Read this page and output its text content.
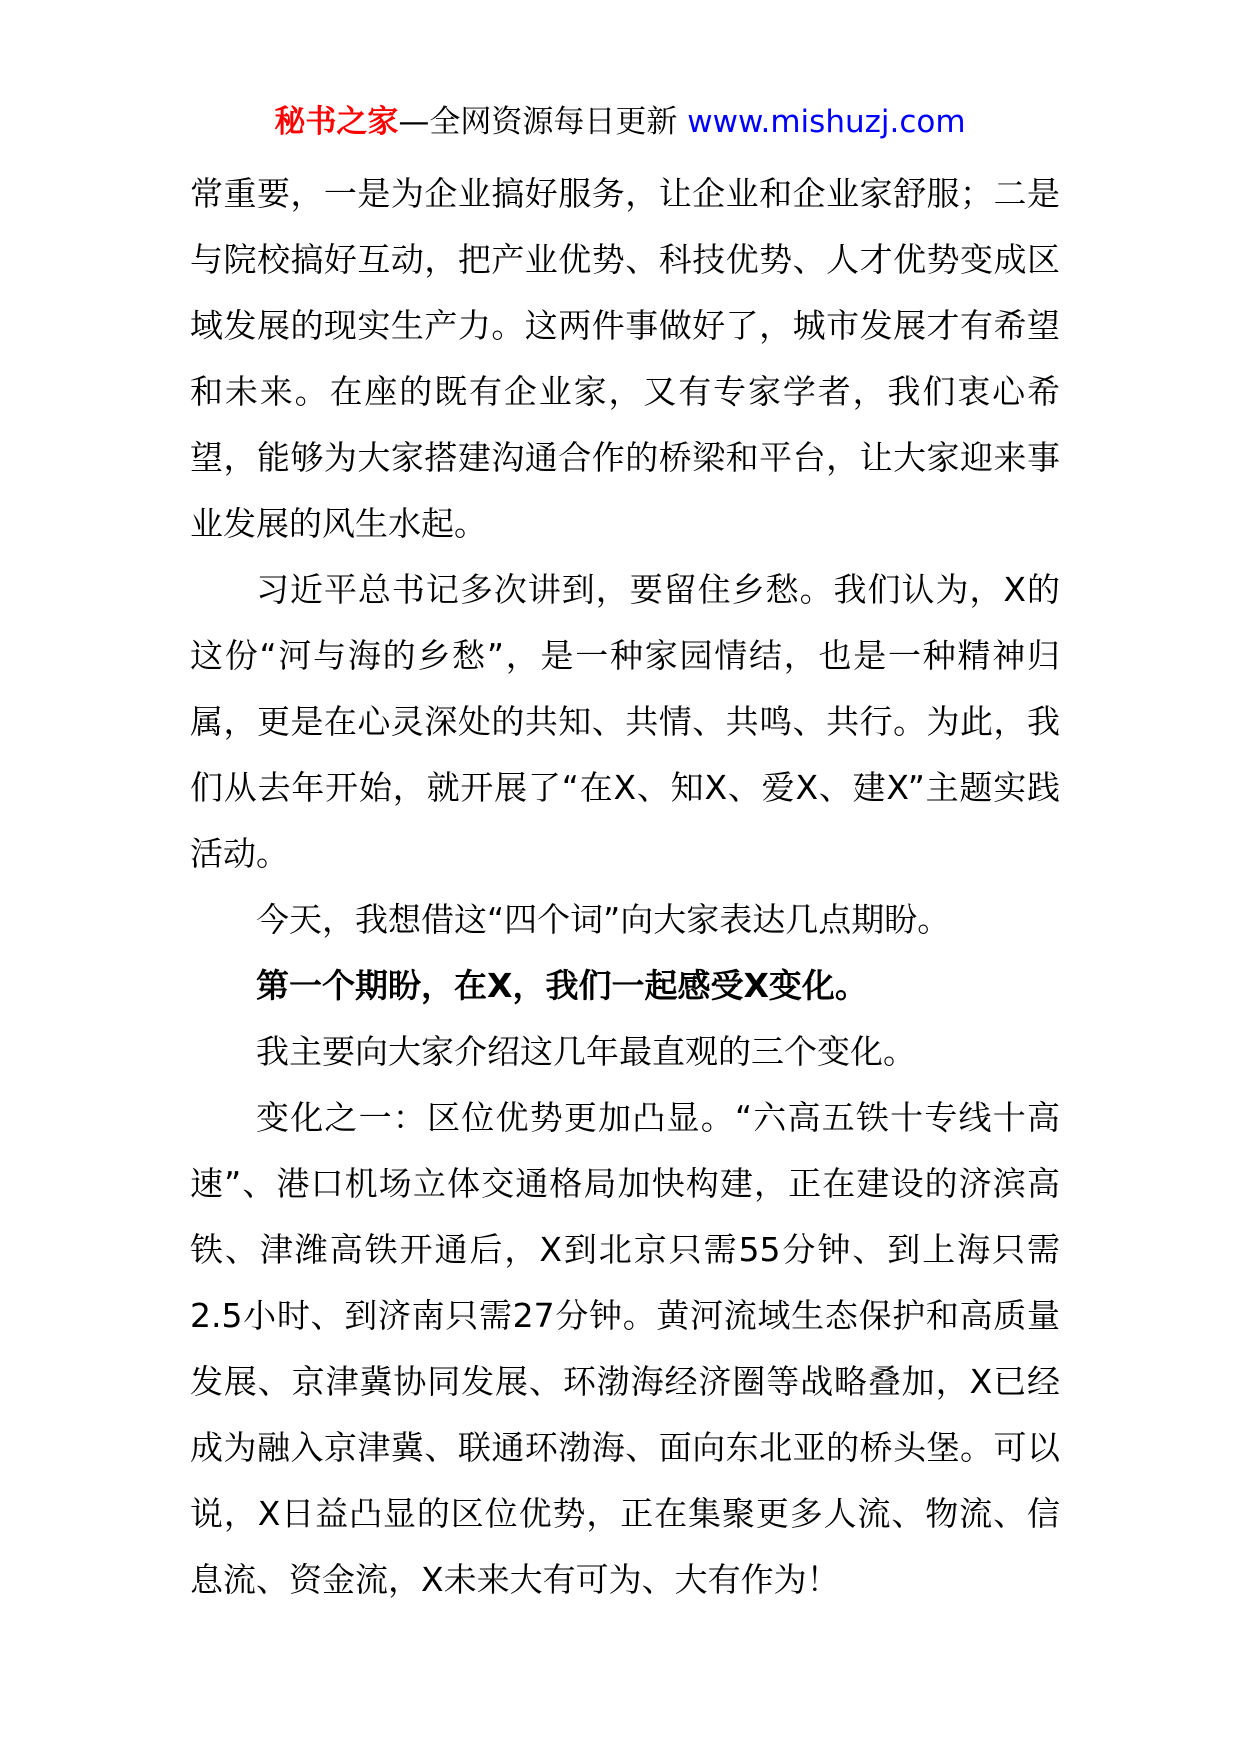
秘书之家—全网资源每日更新 www.mishuzj.com

常重要，一是为企业搞好服务，让企业和企业家舒服；二是与院校搞好互动，把产业优势、科技优势、人才优势变成区域发展的现实生产力。这两件事做好了，城市发展才有希望和未来。在座的既有企业家，又有专家学者，我们衷心希望，能够为大家搭建沟通合作的桥梁和平台，让大家迎来事业发展的风生水起。

习近平总书记多次讲到，要留住乡愁。我们认为，X的这份“河与海的乡愁”，是一种家园情结，也是一种精神归属，更是在心灵深处的共知、共情、共鸣、共行。为此，我们从去年开始，就开展了“在X、知X、爱X、建X”主题实践活动。

今天，我想借这“四个词”向大家表达几点期盼。

第一个期盼，在X，我们一起感受X变化。

我主要向大家介绍这几年最直观的三个变化。

变化之一：区位优势更加凸显。“六高五铁十专线十高速”、港口机场立体交通格局加快构建，正在建设的济滨高铁、津潍高铁开通后，X到北京只需55分钟、到上海只需2.5小时、到济南只需27分钟。黄河流域生态保护和高质量发展、京津冀协同发展、环渤海经济圈等战略叠加，X已经成为融入京津冀、联通环渤海、面向东北亚的桥头堡。可以说，X日益凸显的区位优势，正在集聚更多人流、物流、信息流、资金流，X未来大有可为、大有作为！
